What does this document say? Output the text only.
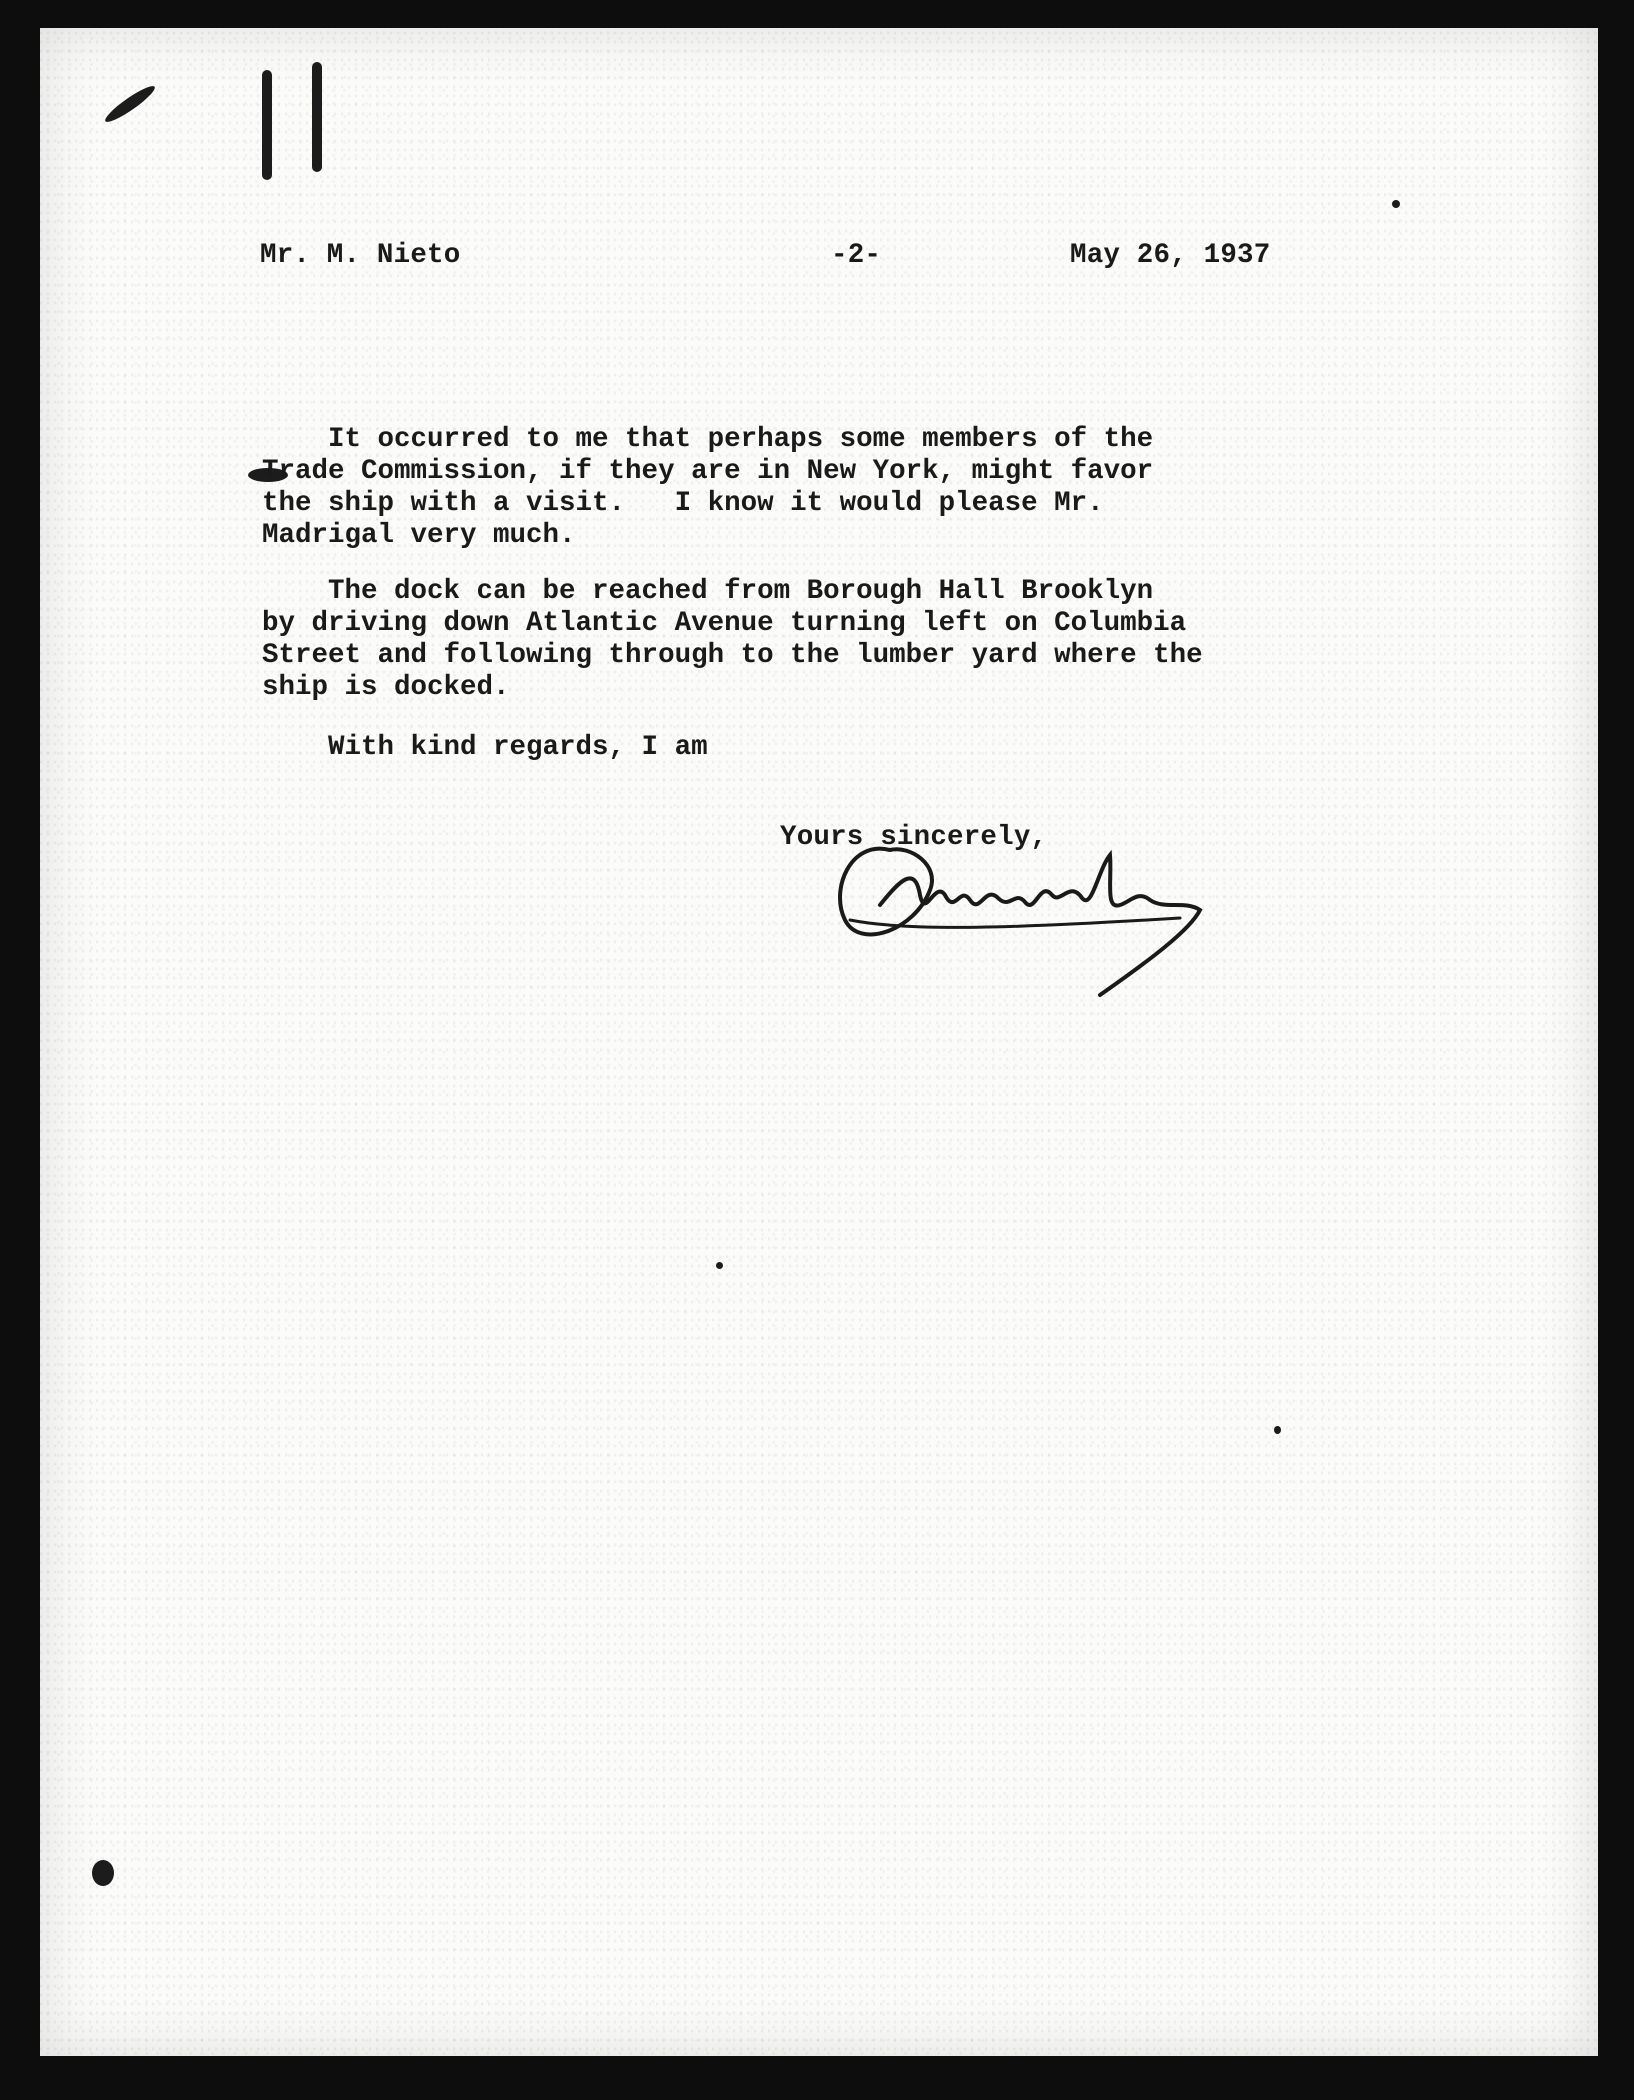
Mr. M. Nieto	-2-	May 26, 1937
It occurred to me that perhaps some members of the
Trade Commission, if they are in New York, might favor
the ship with a visit.   I know it would please Mr.
Madrigal very much.
The dock can be reached from Borough Hall Brooklyn
by driving down Atlantic Avenue turning left on Columbia
Street and following through to the lumber yard where the
ship is docked.
With kind regards, I am
Yours sincerely,
